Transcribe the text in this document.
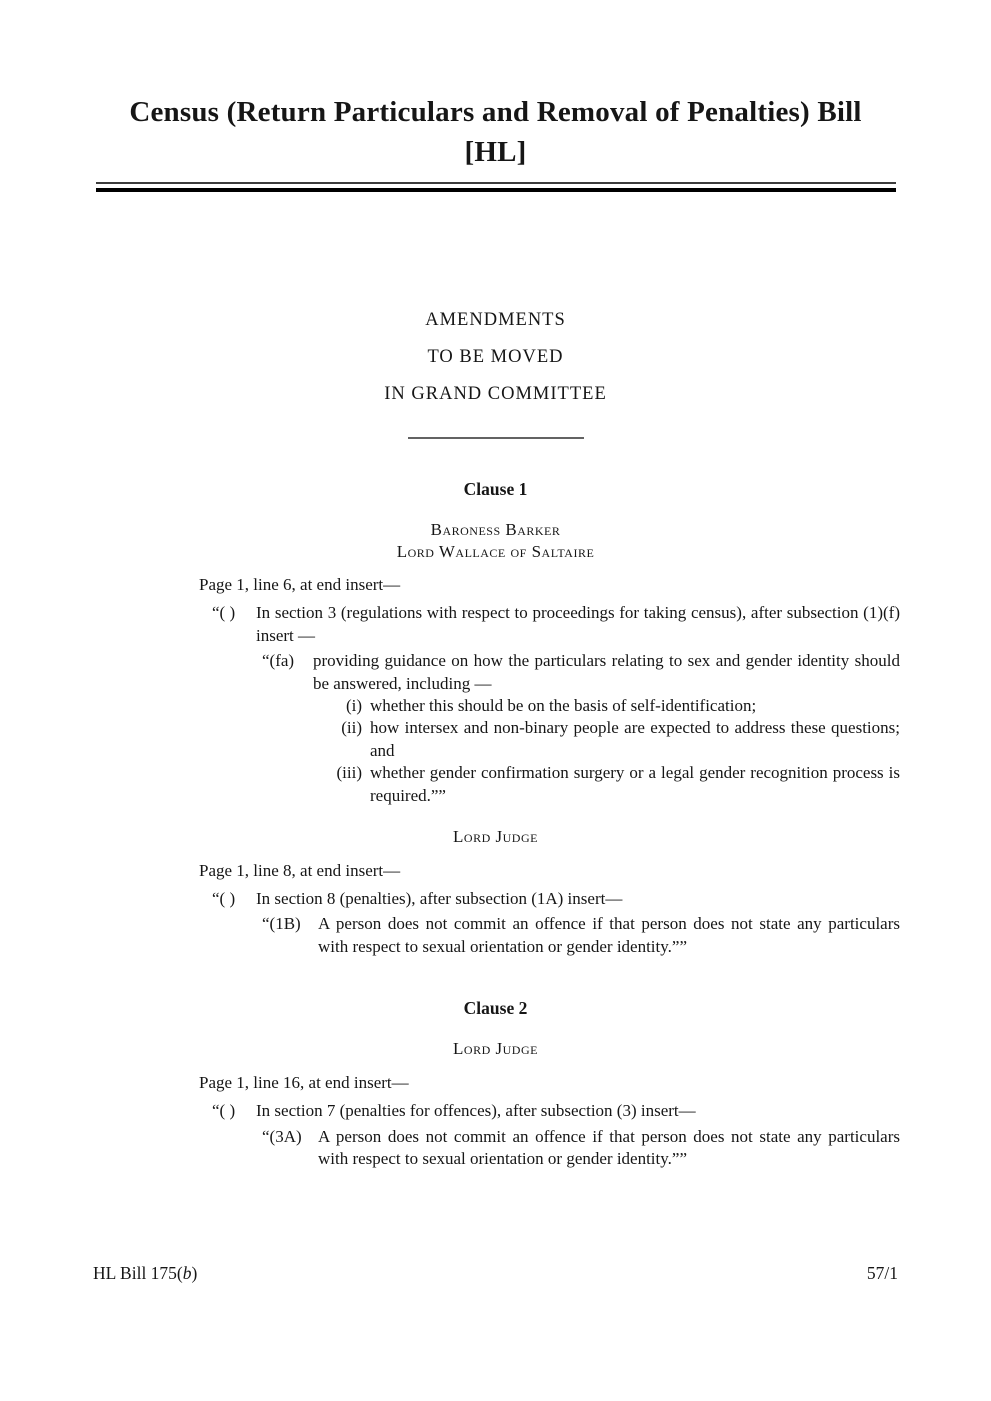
Census (Return Particulars and Removal of Penalties) Bill
[HL]
AMENDMENTS
TO BE MOVED
IN GRAND COMMITTEE
Clause 1
Baroness Barker
Lord Wallace of Saltaire

Page 1, line 6, at end insert—

“( )	In section 3 (regulations with respect to proceedings for taking census), after subsection (1)(f) insert —
“(fa)	providing guidance on how the particulars relating to sex and gender identity should be answered, including —
(i) whether this should be on the basis of self-identification;
(ii) how intersex and non-binary people are expected to address these questions; and
(iii) whether gender confirmation surgery or a legal gender recognition process is required.””
Lord Judge

Page 1, line 8, at end insert—

“( )	In section 8 (penalties), after subsection (1A) insert—
“(1B)	A person does not commit an offence if that person does not state any particulars with respect to sexual orientation or gender identity.””
Clause 2
Lord Judge

Page 1, line 16, at end insert—

“( )	In section 7 (penalties for offences), after subsection (3) insert—
“(3A) A person does not commit an offence if that person does not state any particulars with respect to sexual orientation or gender identity.””
HL Bill 175(b)	57/1
